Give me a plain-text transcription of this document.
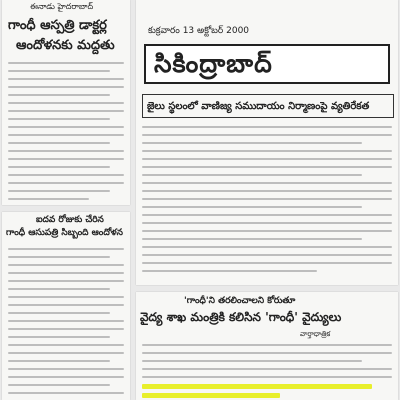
ఈనాడు హైదరాబాద్
గాంధీ ఆస్పత్రి డాక్టర్ల
ఆందోళనకు మద్దతు
ఐదవ రోజుకు చేరిన
గాంధీ ఆసుపత్రి సిబ్బంది ఆందోళన
కుక్రవారం 13 అక్టోబర్ 2000
సికింద్రాబాద్
జైలు స్థలంలో వాణిజ్య సముదాయం నిర్మాణంపై వ్యతిరేకత
'గాంధీ'ని తరలించాలని కోరుతూ
వైద్య శాఖ మంత్రికి కలిసిన 'గాంధీ' వైద్యులు
వార్తాధాత్రిక
